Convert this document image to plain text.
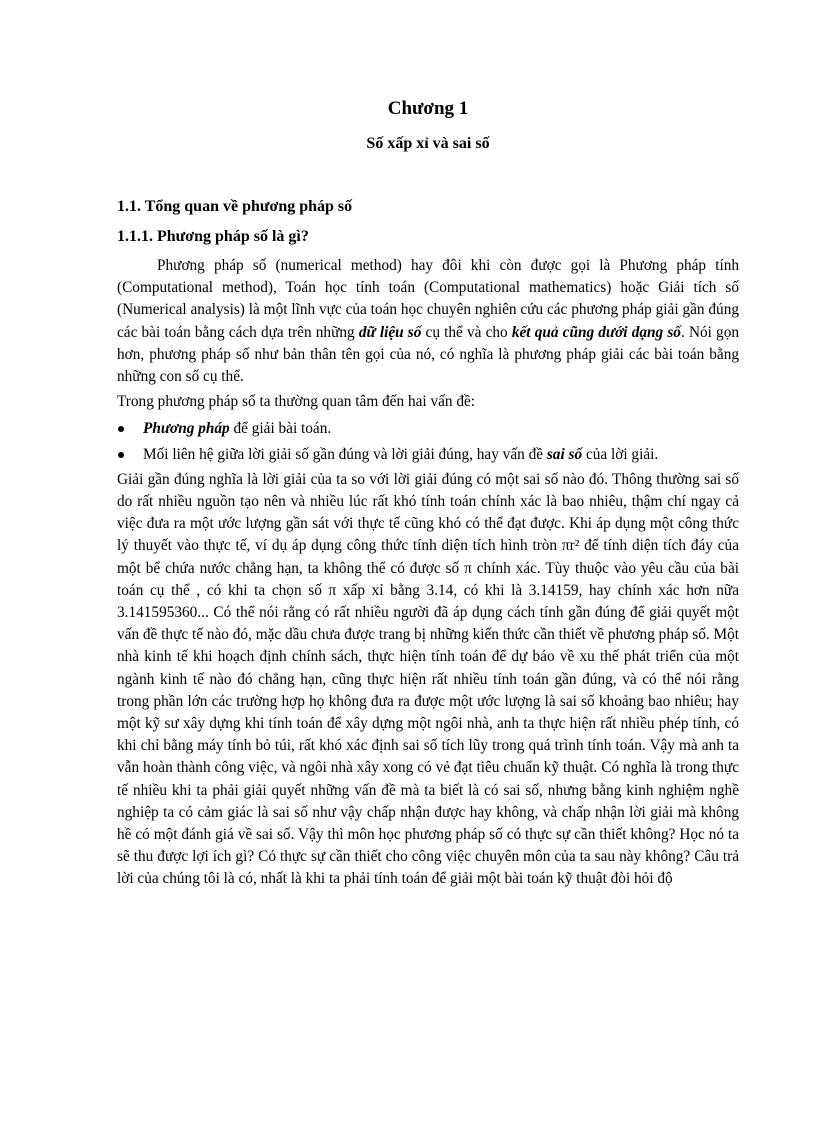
Chương 1
Số xấp xỉ và sai số
1.1. Tổng quan về phương pháp số
1.1.1. Phương pháp số là gì?

Phương pháp số (numerical method) hay đôi khi còn được gọi là Phương pháp tính (Computational method), Toán học tính toán (Computational mathematics) hoặc Giải tích số (Numerical analysis) là một lĩnh vực của toán học chuyên nghiên cứu các phương pháp giải gần đúng các bài toán bằng cách dựa trên những dữ liệu số cụ thể và cho kết quả cũng dưới dạng số. Nói gọn hơn, phương pháp số như bản thân tên gọi của nó, có nghĩa là phương pháp giải các bài toán bằng những con số cụ thể.

Trong phương pháp số ta thường quan tâm đến hai vấn đề:

Phương pháp để giải bài toán.
Mối liên hệ giữa lời giải số gần đúng và lời giải đúng, hay vấn đề sai số của lời giải.

Giải gần đúng nghĩa là lời giải của ta so với lời giải đúng có một sai số nào đó. Thông thường sai số do rất nhiều nguồn tạo nên và nhiều lúc rất khó tính toán chính xác là bao nhiêu, thậm chí ngay cả việc đưa ra một ước lượng gần sát với thực tế cũng khó có thể đạt được. Khi áp dụng một công thức lý thuyết vào thực tế, ví dụ áp dụng công thức tính diện tích hình tròn πr² để tính diện tích đáy của một bể chứa nước chẳng hạn, ta không thể có được số π chính xác. Tùy thuộc vào yêu cầu của bài toán cụ thể , có khi ta chọn số π xấp xỉ bằng 3.14, có khi là 3.14159, hay chính xác hơn nữa 3.141595360... Có thể nói rằng có rất nhiều người đã áp dụng cách tính gần đúng để giải quyết một vấn đề thực tế nào đó, mặc dầu chưa được trang bị những kiến thức cần thiết về phương pháp số. Một nhà kinh tế khi hoạch định chính sách, thực hiện tính toán để dự báo về xu thế phát triển của một ngành kinh tế nào đó chẳng hạn, cũng thực hiện rất nhiều tính toán gần đúng, và có thể nói rằng trong phần lớn các trường hợp họ không đưa ra được một ước lượng là sai số khoảng bao nhiêu; hay một kỹ sư xây dựng khi tính toán để xây dựng một ngôi nhà, anh ta thực hiện rất nhiều phép tính, có khi chỉ bằng máy tính bỏ túi, rất khó xác định sai số tích lũy trong quá trình tính toán. Vậy mà anh ta vẫn hoàn thành công việc, và ngôi nhà xây xong có vẻ đạt tiêu chuẩn kỹ thuật. Có nghĩa là trong thực tế nhiều khi ta phải giải quyết những vấn đề mà ta biết là có sai số, nhưng bằng kinh nghiệm nghề nghiệp ta có cảm giác là sai số như vậy chấp nhận được hay không, và chấp nhận lời giải mà không hề có một đánh giá về sai số. Vậy thì môn học phương pháp số có thực sự cần thiết không? Học nó ta sẽ thu được lợi ích gì? Có thực sự cần thiết cho công việc chuyên môn của ta sau này không? Câu trả lời của chúng tôi là có, nhất là khi ta phải tính toán để giải một bài toán kỹ thuật đòi hỏi độ
